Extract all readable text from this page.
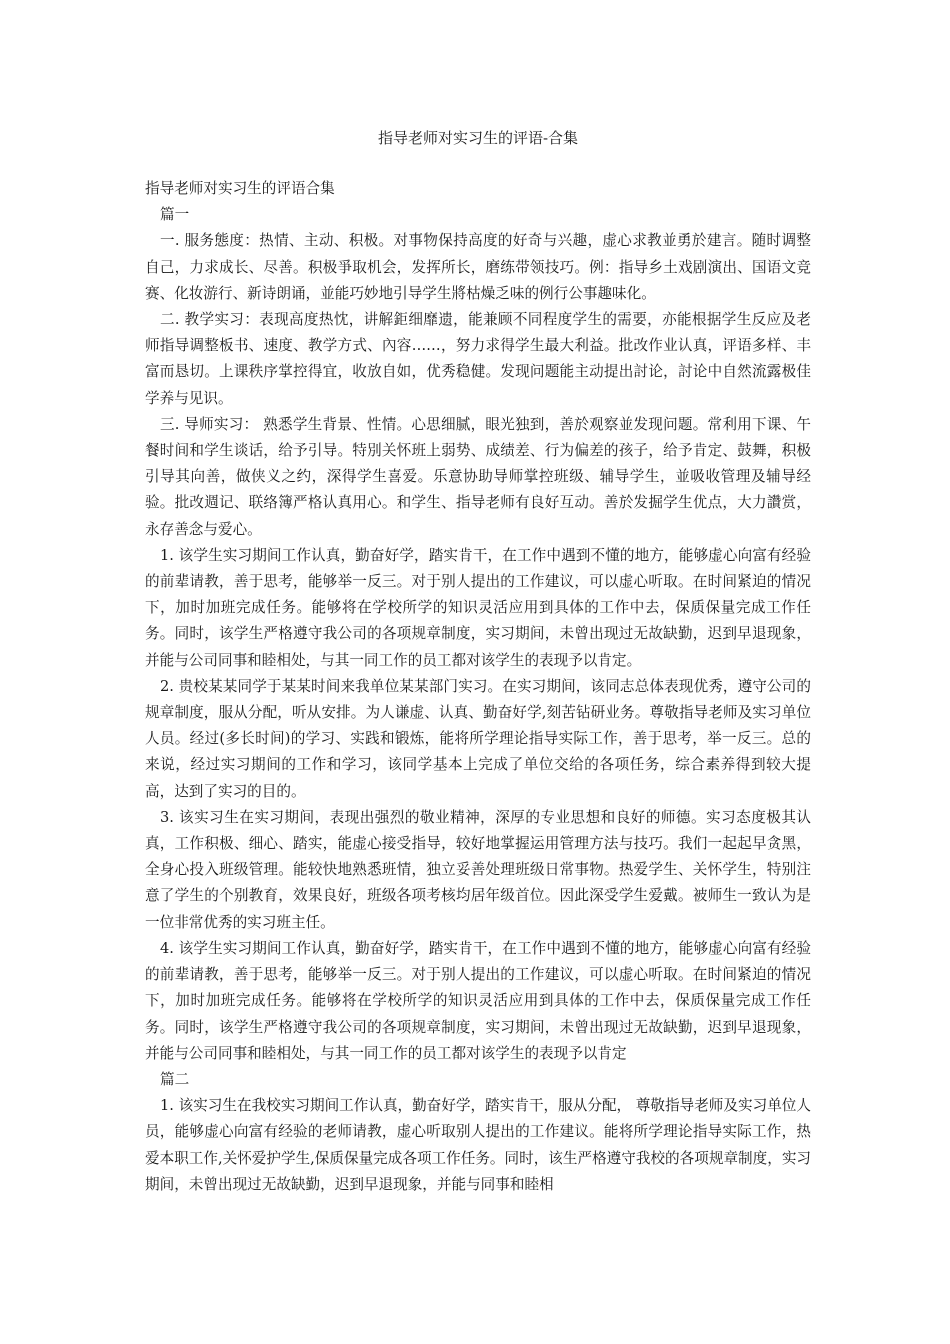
指导老师对实习生的评语-合集

指导老师对实习生的评语合集

篇一

一. 服务態度：热情、主动、积极。对事物保持高度的好奇与兴趣，虚心求教並勇於建言。随时调整自己，力求成长、尽善。积极爭取机会，发挥所长，磨练带领技巧。例：指导乡土戏剧演出、国语文竞赛、化妆游行、新诗朗诵，並能巧妙地引导学生將枯燥乏味的例行公事趣味化。

二. 教学实习：表现高度热忱，讲解鉅细靡遗，能兼顾不同程度学生的需要，亦能根据学生反应及老师指导调整板书、速度、教学方式、內容……，努力求得学生最大利益。批改作业认真，评语多样、丰富而恳切。上课秩序掌控得宜，收放自如，优秀稳健。发现问题能主动提出討论，討论中自然流露极佳学养与见识。

三. 导师实习： 熟悉学生背景、性情。心思细腻，眼光独到，善於观察並发现问题。常利用下课、午餐时间和学生谈话，给予引导。特別关怀班上弱势、成绩差、行为偏差的孩子，给予肯定、鼓舞，积极引导其向善，做侠义之约，深得学生喜爱。乐意协助导师掌控班级、辅导学生，並吸收管理及辅导经验。批改週记、联络簿严格认真用心。和学生、指导老师有良好互动。善於发掘学生优点，大力讚赏，永存善念与爱心。

1. 该学生实习期间工作认真，勤奋好学，踏实肯干，在工作中遇到不懂的地方，能够虚心向富有经验的前辈请教，善于思考，能够举一反三。对于别人提出的工作建议，可以虚心听取。在时间紧迫的情况下，加时加班完成任务。能够将在学校所学的知识灵活应用到具体的工作中去，保质保量完成工作任务。同时，该学生严格遵守我公司的各项规章制度，实习期间，未曾出现过无故缺勤，迟到早退现象，并能与公司同事和睦相处，与其一同工作的员工都对该学生的表现予以肯定。

2. 贵校某某同学于某某时间来我单位某某部门实习。在实习期间，该同志总体表现优秀，遵守公司的规章制度，服从分配，听从安排。为人谦虚、认真、勤奋好学,刻苦钻研业务。尊敬指导老师及实习单位人员。经过(多长时间)的学习、实践和锻炼，能将所学理论指导实际工作，善于思考，举一反三。总的来说，经过实习期间的工作和学习，该同学基本上完成了单位交给的各项任务，综合素养得到较大提高，达到了实习的目的。

3. 该实习生在实习期间，表现出强烈的敬业精神，深厚的专业思想和良好的师德。实习态度极其认真，工作积极、细心、踏实，能虚心接受指导，较好地掌握运用管理方法与技巧。我们一起起早贪黑，全身心投入班级管理。能较快地熟悉班情，独立妥善处理班级日常事物。热爱学生、关怀学生，特别注意了学生的个别教育，效果良好，班级各项考核均居年级首位。因此深受学生爱戴。被师生一致认为是一位非常优秀的实习班主任。

4. 该学生实习期间工作认真，勤奋好学，踏实肯干，在工作中遇到不懂的地方，能够虚心向富有经验的前辈请教，善于思考，能够举一反三。对于别人提出的工作建议，可以虚心听取。在时间紧迫的情况下，加时加班完成任务。能够将在学校所学的知识灵活应用到具体的工作中去，保质保量完成工作任务。同时，该学生严格遵守我公司的各项规章制度，实习期间，未曾出现过无故缺勤，迟到早退现象，并能与公司同事和睦相处，与其一同工作的员工都对该学生的表现予以肯定

篇二

1. 该实习生在我校实习期间工作认真，勤奋好学，踏实肯干，服从分配， 尊敬指导老师及实习单位人员，能够虚心向富有经验的老师请教，虚心听取别人提出的工作建议。能将所学理论指导实际工作，热爱本职工作,关怀爱护学生,保质保量完成各项工作任务。同时，该生严格遵守我校的各项规章制度，实习期间，未曾出现过无故缺勤，迟到早退现象，并能与同事和睦相
